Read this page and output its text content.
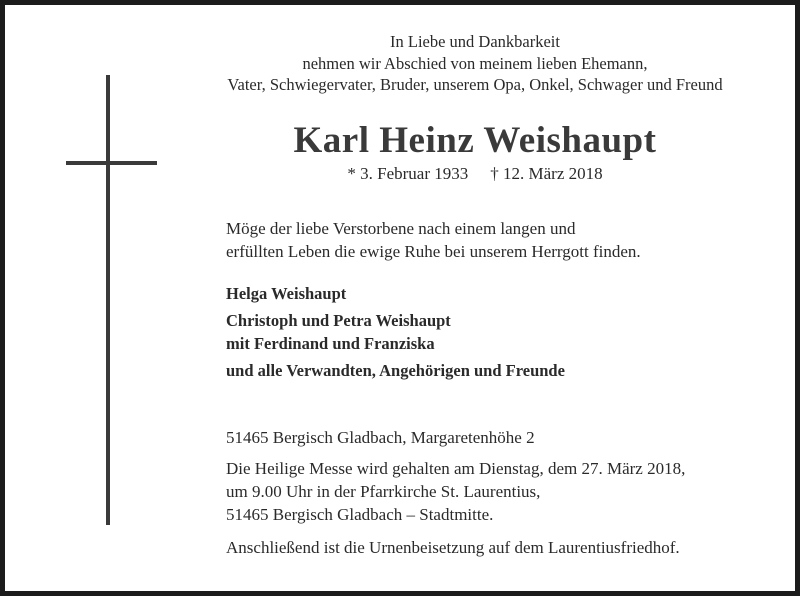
In Liebe und Dankbarkeit
nehmen wir Abschied von meinem lieben Ehemann,
Vater, Schwiegervater, Bruder, unserem Opa, Onkel, Schwager und Freund
Karl Heinz Weishaupt
* 3. Februar 1933 † 12. März 2018
Möge der liebe Verstorbene nach einem langen und
erfüllten Leben die ewige Ruhe bei unserem Herrgott finden.
Helga Weishaupt
Christoph und Petra Weishaupt
mit Ferdinand und Franziska
und alle Verwandten, Angehörigen und Freunde
51465 Bergisch Gladbach, Margaretenhöhe 2
Die Heilige Messe wird gehalten am Dienstag, dem 27. März 2018,
um 9.00 Uhr in der Pfarrkirche St. Laurentius,
51465 Bergisch Gladbach – Stadtmitte.
Anschließend ist die Urnenbeisetzung auf dem Laurentiusfriedhof.
